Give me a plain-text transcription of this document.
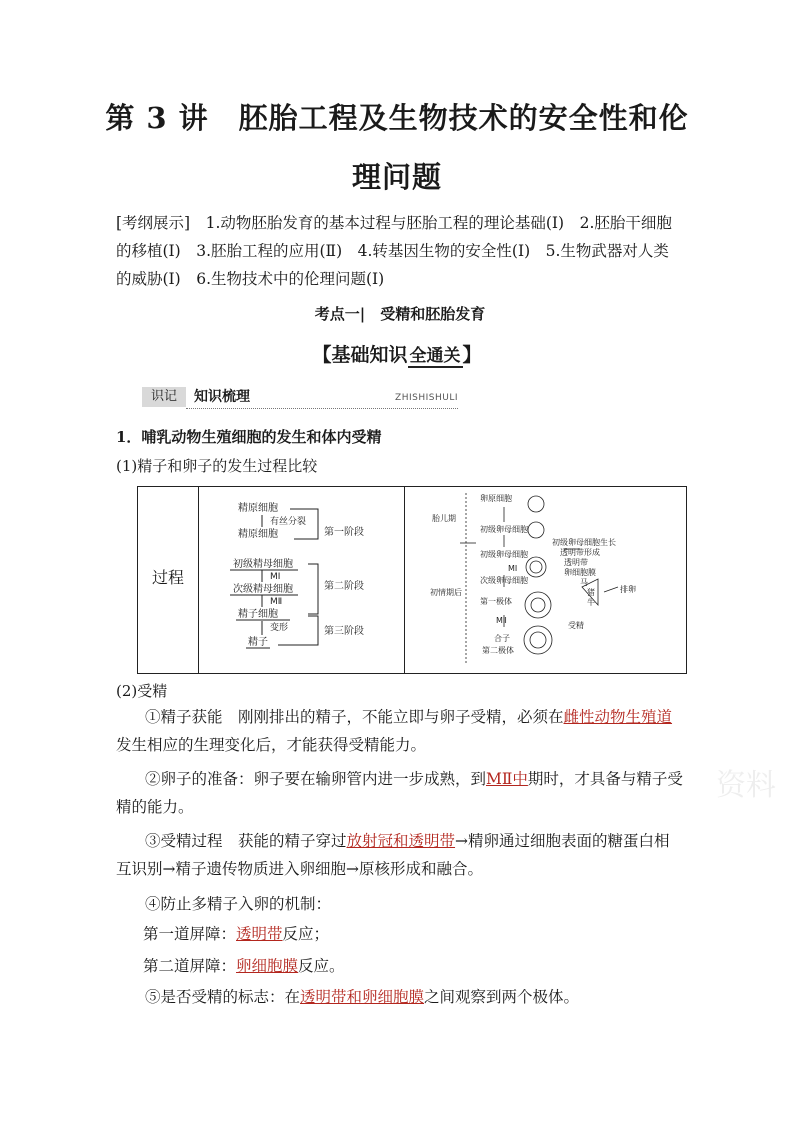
第 3 讲　胚胎工程及生物技术的安全性和伦
理问题
[考纲展示]　1.动物胚胎发育的基本过程与胚胎工程的理论基础(Ⅰ)　2.胚胎干细胞的移植(Ⅰ)　3.胚胎工程的应用(Ⅱ)　4.转基因生物的安全性(Ⅰ)　5.生物武器对人类的威胁(Ⅰ)　6.生物技术中的伦理问题(Ⅰ)
考点一|　受精和胚胎发育
【基础知识 全通关 】
识记	知识梳理	ZHISHISHULI
1．哺乳动物生殖细胞的发生和体内受精
(1)精子和卵子的发生过程比较
过程
精原细胞
精原细胞
初级精母细胞
次级精母细胞
精子细胞
精子
有丝分裂
MⅠ
MⅡ
变形
第一阶段
第二阶段
第三阶段
胎儿期
初情期后
卵原细胞
初级卵母细胞
初级卵母细胞
次级卵母细胞
第一极体
MⅡ
合子
第二极体
MⅠ
初级卵母细胞生长
透明带形成
透明带
卵细胞膜
马
猪
牛
排卵
受精
(2)受精
①精子获能　刚刚排出的精子，不能立即与卵子受精，必须在雌性动物生殖道发生相应的生理变化后，才能获得受精能力。
②卵子的准备：卵子要在输卵管内进一步成熟，到MⅡ中期时，才具备与精子受精的能力。
③受精过程　获能的精子穿过放射冠和透明带→精卵通过细胞表面的糖蛋白相互识别→精子遗传物质进入卵细胞→原核形成和融合。
④防止多精子入卵的机制：
第一道屏障：透明带反应；
第二道屏障：卵细胞膜反应。
⑤是否受精的标志：在透明带和卵细胞膜之间观察到两个极体。
资料
